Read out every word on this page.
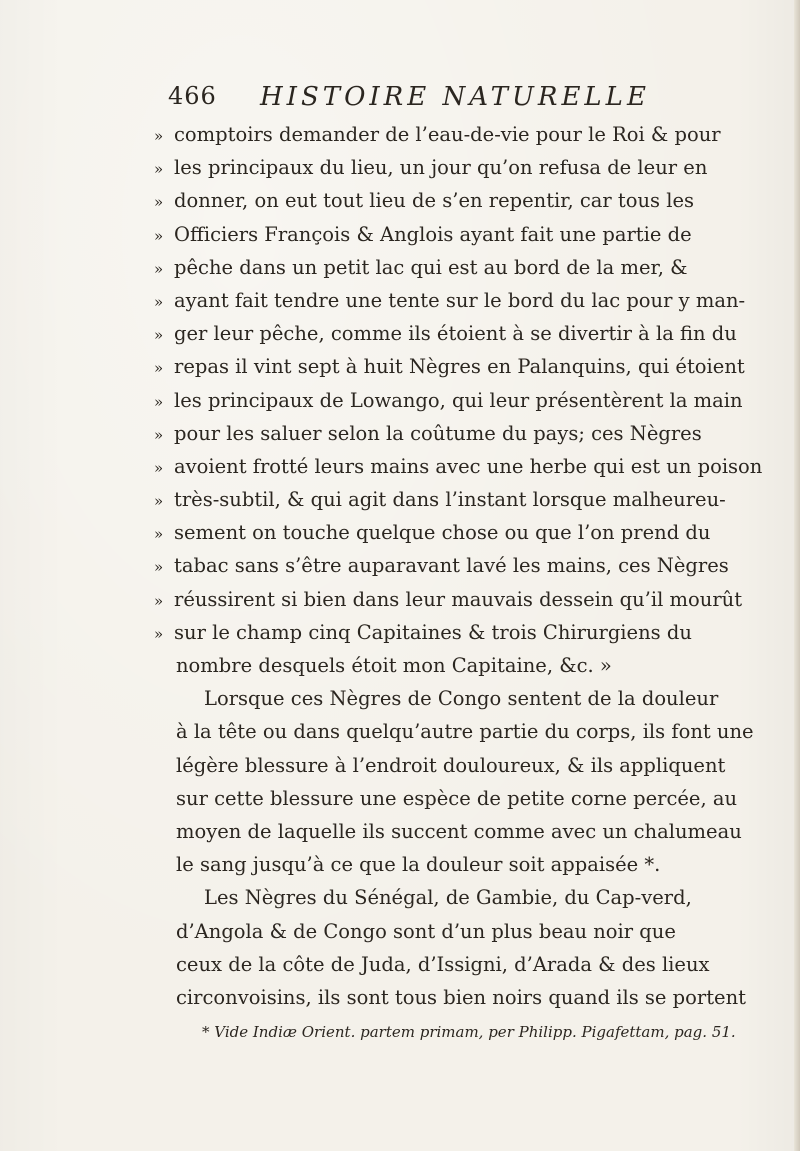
466 HISTOIRE NATURELLE
» comptoirs demander de l’eau-de-vie pour le Roi & pour
» les principaux du lieu, un jour qu’on refusa de leur en
» donner, on eut tout lieu de s’en repentir, car tous les
» Officiers François & Anglois ayant fait une partie de
» pêche dans un petit lac qui est au bord de la mer, &
» ayant fait tendre une tente sur le bord du lac pour y man-
» ger leur pêche, comme ils étoient à se divertir à la fin du
» repas il vint sept à huit Nègres en Palanquins, qui étoient
» les principaux de Lowango, qui leur présentèrent la main
» pour les saluer selon la coûtume du pays; ces Nègres
» avoient frotté leurs mains avec une herbe qui est un poison
» très-subtil, & qui agit dans l’instant lorsque malheureu-
» sement on touche quelque chose ou que l’on prend du
» tabac sans s’être auparavant lavé les mains, ces Nègres
» réussirent si bien dans leur mauvais dessein qu’il mourût
» sur le champ cinq Capitaines & trois Chirurgiens du
nombre desquels étoit mon Capitaine, &c. »
Lorsque ces Nègres de Congo sentent de la douleur
à la tête ou dans quelqu’autre partie du corps, ils font une
légère blessure à l’endroit douloureux, & ils appliquent
sur cette blessure une espèce de petite corne percée, au
moyen de laquelle ils succent comme avec un chalumeau
le sang jusqu’à ce que la douleur soit appaisée *.
Les Nègres du Sénégal, de Gambie, du Cap-verd,
d’Angola & de Congo sont d’un plus beau noir que
ceux de la côte de Juda, d’Issigni, d’Arada & des lieux
circonvoisins, ils sont tous bien noirs quand ils se portent
* Vide Indiæ Orient. partem primam, per Philipp. Pigafettam, pag. 51.
